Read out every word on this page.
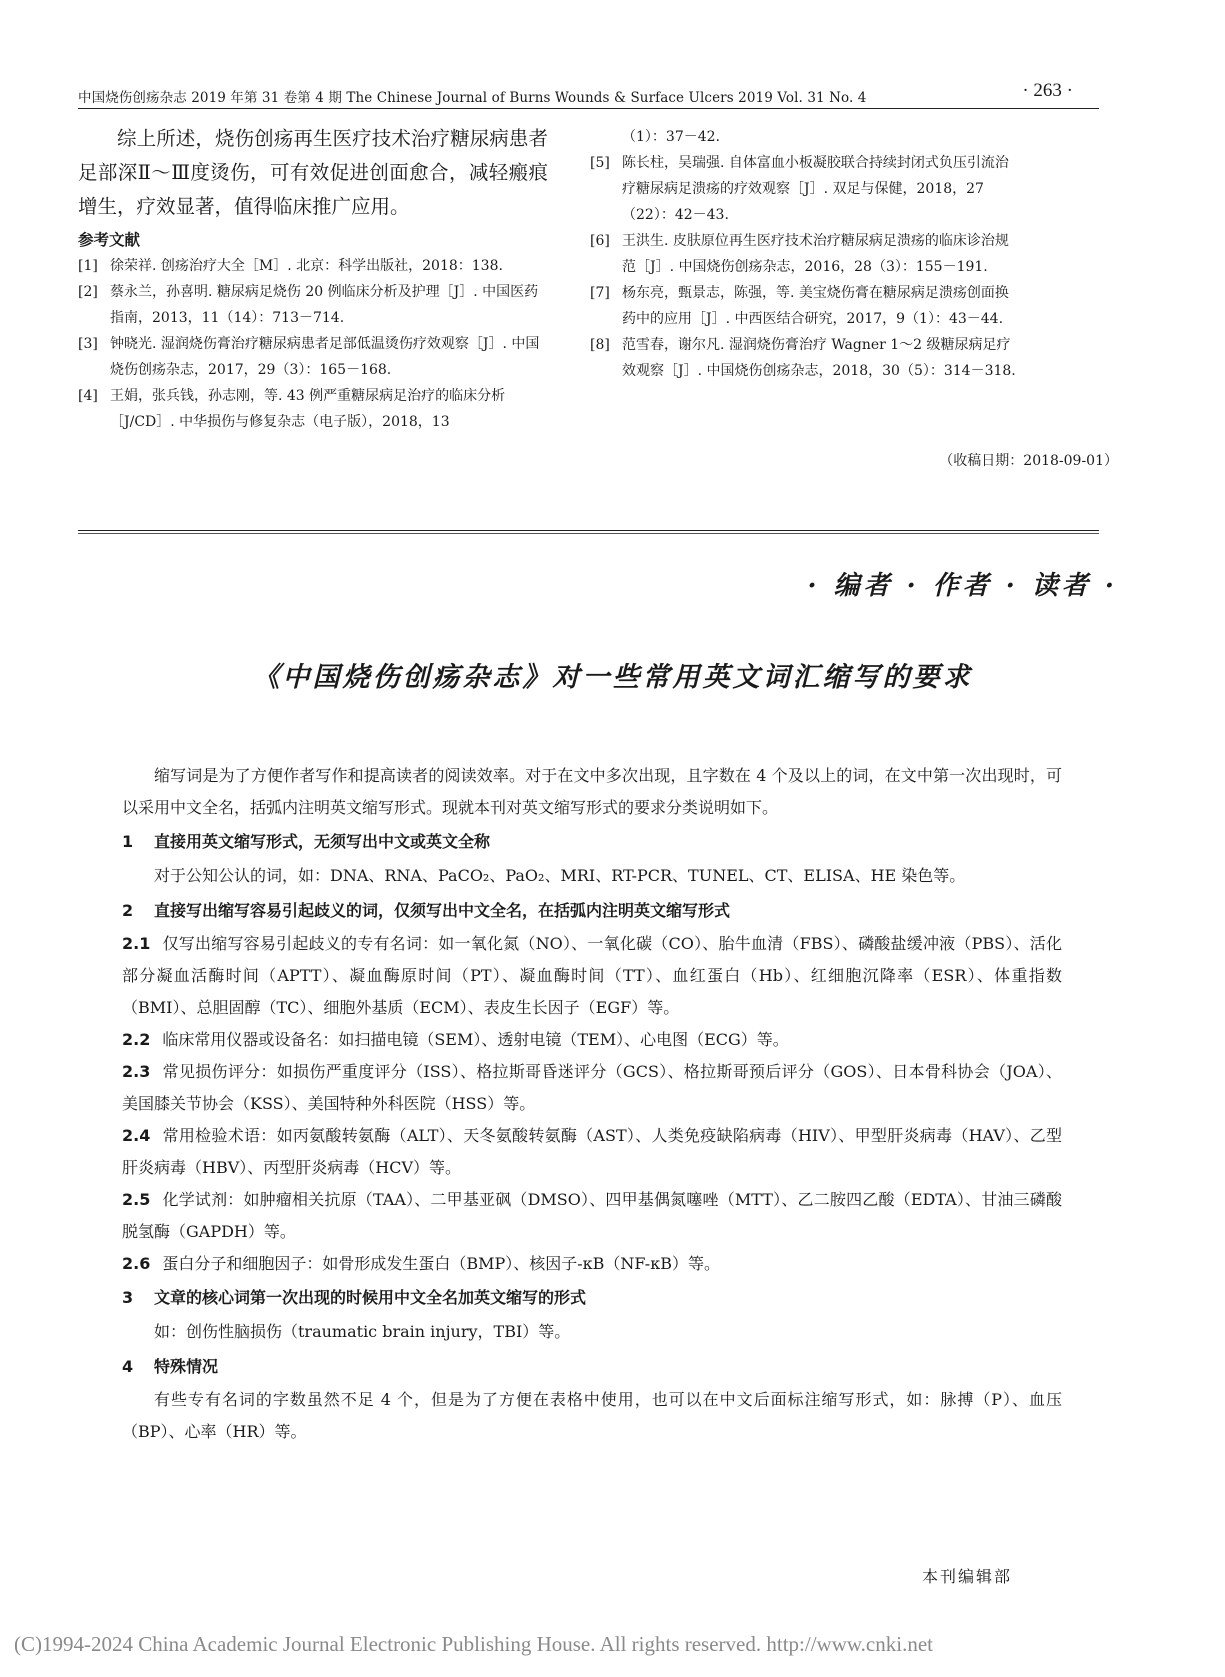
中国烧伤创疡杂志 2019 年第 31 卷第 4 期 The Chinese Journal of Burns Wounds & Surface Ulcers 2019 Vol. 31 No. 4	· 263 ·

综上所述，烧伤创疡再生医疗技术治疗糖尿病患者足部深Ⅱ～Ⅲ度烫伤，可有效促进创面愈合，减轻瘢痕增生，疗效显著，值得临床推广应用。

参考文献
[1] 徐荣祥. 创疡治疗大全［M］. 北京：科学出版社，2018：138.
[2] 蔡永兰，孙喜明. 糖尿病足烧伤 20 例临床分析及护理［J］. 中国医药指南，2013，11（14）：713－714.
[3] 钟晓光. 湿润烧伤膏治疗糖尿病患者足部低温烫伤疗效观察［J］. 中国烧伤创疡杂志，2017，29（3）：165－168.
[4] 王娟，张兵钱，孙志刚，等. 43 例严重糖尿病足治疗的临床分析［J/CD］. 中华损伤与修复杂志（电子版），2018，13
（1）：37－42.
[5] 陈长柱，吴瑞强. 自体富血小板凝胶联合持续封闭式负压引流治疗糖尿病足溃疡的疗效观察［J］. 双足与保健，2018，27（22）：42－43.
[6] 王洪生. 皮肤原位再生医疗技术治疗糖尿病足溃疡的临床诊治规范［J］. 中国烧伤创疡杂志，2016，28（3）：155－191.
[7] 杨东亮，甄景志，陈强，等. 美宝烧伤膏在糖尿病足溃疡创面换药中的应用［J］. 中西医结合研究，2017，9（1）：43－44.
[8] 范雪春，谢尔凡. 湿润烧伤膏治疗 Wagner 1～2 级糖尿病足疗效观察［J］. 中国烧伤创疡杂志，2018，30（5）：314－318.
（收稿日期：2018-09-01）
· 编者 · 作者 · 读者 ·
《中国烧伤创疡杂志》对一些常用英文词汇缩写的要求

缩写词是为了方便作者写作和提高读者的阅读效率。对于在文中多次出现，且字数在 4 个及以上的词，在文中第一次出现时，可以采用中文全名，括弧内注明英文缩写形式。现就本刊对英文缩写形式的要求分类说明如下。

1 直接用英文缩写形式，无须写出中文或英文全称

对于公知公认的词，如：DNA、RNA、PaCO₂、PaO₂、MRI、RT-PCR、TUNEL、CT、ELISA、HE 染色等。

2 直接写出缩写容易引起歧义的词，仅须写出中文全名，在括弧内注明英文缩写形式

2.1 仅写出缩写容易引起歧义的专有名词：如一氧化氮（NO）、一氧化碳（CO）、胎牛血清（FBS）、磷酸盐缓冲液（PBS）、活化部分凝血活酶时间（APTT）、凝血酶原时间（PT）、凝血酶时间（TT）、血红蛋白（Hb）、红细胞沉降率（ESR）、体重指数（BMI）、总胆固醇（TC）、细胞外基质（ECM）、表皮生长因子（EGF）等。

2.2 临床常用仪器或设备名：如扫描电镜（SEM）、透射电镜（TEM）、心电图（ECG）等。

2.3 常见损伤评分：如损伤严重度评分（ISS）、格拉斯哥昏迷评分（GCS）、格拉斯哥预后评分（GOS）、日本骨科协会（JOA）、美国膝关节协会（KSS）、美国特种外科医院（HSS）等。

2.4 常用检验术语：如丙氨酸转氨酶（ALT）、天冬氨酸转氨酶（AST）、人类免疫缺陷病毒（HIV）、甲型肝炎病毒（HAV）、乙型肝炎病毒（HBV）、丙型肝炎病毒（HCV）等。

2.5 化学试剂：如肿瘤相关抗原（TAA）、二甲基亚砜（DMSO）、四甲基偶氮噻唑（MTT）、乙二胺四乙酸（EDTA）、甘油三磷酸脱氢酶（GAPDH）等。

2.6 蛋白分子和细胞因子：如骨形成发生蛋白（BMP）、核因子-κB（NF-κB）等。

3 文章的核心词第一次出现的时候用中文全名加英文缩写的形式

如：创伤性脑损伤（traumatic brain injury，TBI）等。

4 特殊情况

有些专有名词的字数虽然不足 4 个，但是为了方便在表格中使用，也可以在中文后面标注缩写形式，如：脉搏（P）、血压（BP）、心率（HR）等。

本刊编辑部
(C)1994-2024 China Academic Journal Electronic Publishing House. All rights reserved. http://www.cnki.net
